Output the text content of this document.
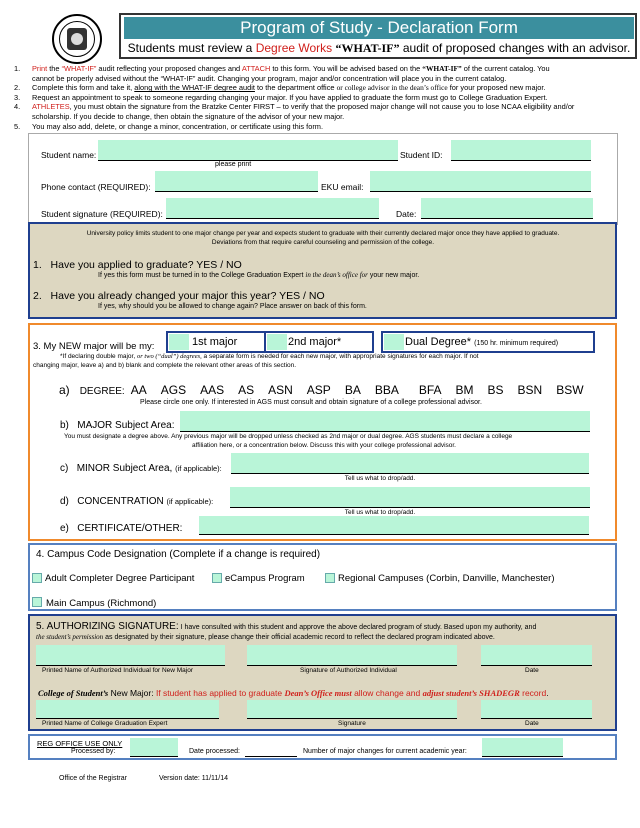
Program of Study - Declaration Form
Students must review a Degree Works “WHAT-IF” audit of proposed changes with an advisor.
1.	Print the “WHAT-IF” audit reflecting your proposed changes and ATTACH to this form. You will be advised based on the “WHAT-IF” of the current catalog. You
cannot be properly advised without the “WHAT-IF” audit. Changing your program, major and/or concentration will place you in the current catalog.
2.	Complete this form and take it, along with the WHAT-IF degree audit to the department office or college advisor in the dean’s office for your proposed new major.
3.	Request an appointment to speak to someone regarding changing your major. If you have applied to graduate the form must go to College Graduation Expert.
4.	ATHLETES, you must obtain the signature from the Bratzke Center FIRST – to verify that the proposed major change will not cause you to lose NCAA eligibility and/or
scholarship. If you decide to change, then obtain the signature of the advisor of your new major.
5.	You may also add, delete, or change a minor, concentration, or certificate using this form.
Student name:
please print
Student ID:
Phone contact (REQUIRED):	EKU email:
Student signature (REQUIRED):	Date:
University policy limits student to one major change per year and expects student to graduate with their currently declared major once they have applied to graduate.
Deviations from that require careful counseling and permission of the college.
1. Have you applied to graduate? YES / NO
If yes this form must be turned in to the College Graduation Expert in the dean’s office for your new major.
2. Have you already changed your major this year? YES / NO
If yes, why should you be allowed to change again? Place answer on back of this form.
3. My NEW major will be my:	1st major	2nd major*	Dual Degree* (150 hr. minimum required)
*If declaring double major, or two (“dual”) degrees, a separate form is needed for each new major, with appropriate signatures for each major. If not
changing major, leave a) and b) blank and complete the relevant other areas of this section.
a) DEGREE: AA AGS AAS AS ASN ASP BA BBA BFA BM BS BSN BSW
Please circle one only. If interested in AGS must consult and obtain signature of a college professional advisor.
b) MAJOR Subject Area:
You must designate a degree above. Any previous major will be dropped unless checked as 2nd major or dual degree. AGS students must declare a college
affiliation here, or a concentration below. Discuss this with your college professional advisor.
c) MINOR Subject Area, (if applicable):
Tell us what to drop/add.
d) CONCENTRATION (if applicable):
Tell us what to drop/add.
e) CERTIFICATE/OTHER:
4. Campus Code Designation (Complete if a change is required)
Adult Completer Degree Participant	eCampus Program	Regional Campuses (Corbin, Danville, Manchester)
Main Campus (Richmond)
5. AUTHORIZING SIGNATURE: I have consulted with this student and approve the above declared program of study. Based upon my authority, and
the student’s permission as designated by their signature, please change their official academic record to reflect the declared program indicated above.
Printed Name of Authorized Individual for New Major	Signature of Authorized Individual	Date
College of Student’s New Major: If student has applied to graduate Dean’s Office must allow change and adjust student’s SHADEGR record.
Printed Name of College Graduation Expert	Signature	Date
REG OFFICE USE ONLY
Processed by:	Date processed:	Number of major changes for current academic year:
Office of the Registrar	Version date: 11/11/14
